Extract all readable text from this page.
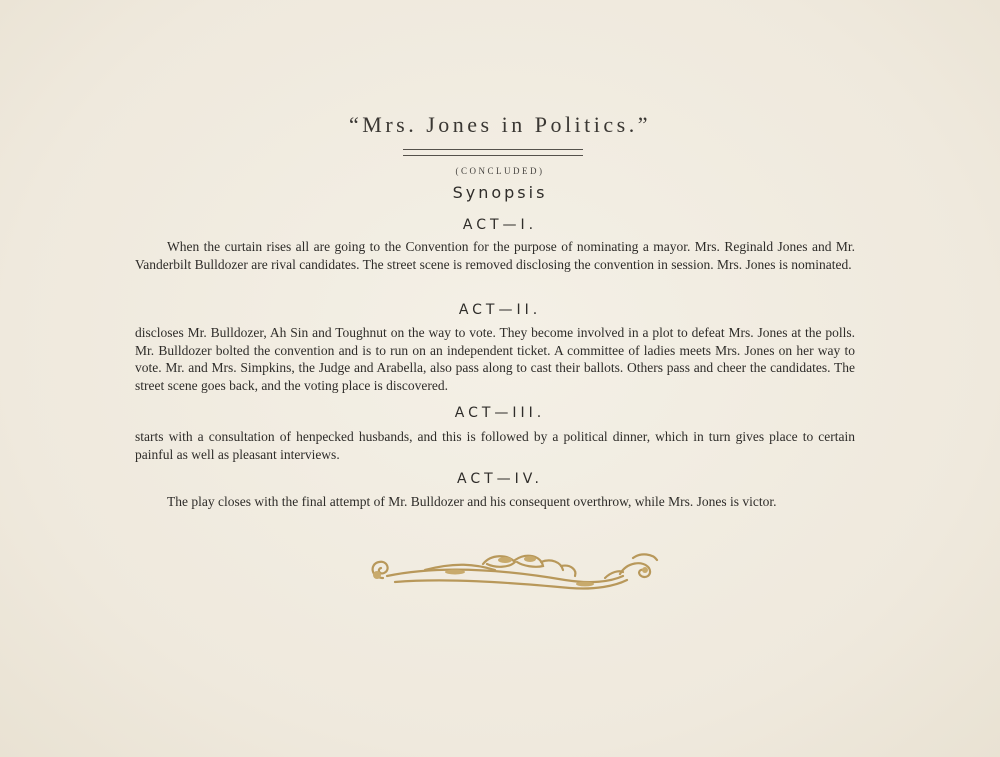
“Mrs. Jones in Politics.”
(CONCLUDED)
Synopsis
ACT—I.
When the curtain rises all are going to the Convention for the purpose of nominating a mayor. Mrs. Reginald Jones and Mr. Vanderbilt Bulldozer are rival candidates. The street scene is removed disclosing the convention in session. Mrs. Jones is nominated.
ACT—II.
discloses Mr. Bulldozer, Ah Sin and Toughnut on the way to vote. They become involved in a plot to defeat Mrs. Jones at the polls. Mr. Bulldozer bolted the convention and is to run on an independent ticket. A committee of ladies meets Mrs. Jones on her way to vote. Mr. and Mrs. Simpkins, the Judge and Arabella, also pass along to cast their ballots. Others pass and cheer the candidates. The street scene goes back, and the voting place is discovered.
ACT—III.
starts with a consultation of henpecked husbands, and this is followed by a political dinner, which in turn gives place to certain painful as well as pleasant interviews.
ACT—IV.
The play closes with the final attempt of Mr. Bulldozer and his consequent overthrow, while Mrs. Jones is victor.
